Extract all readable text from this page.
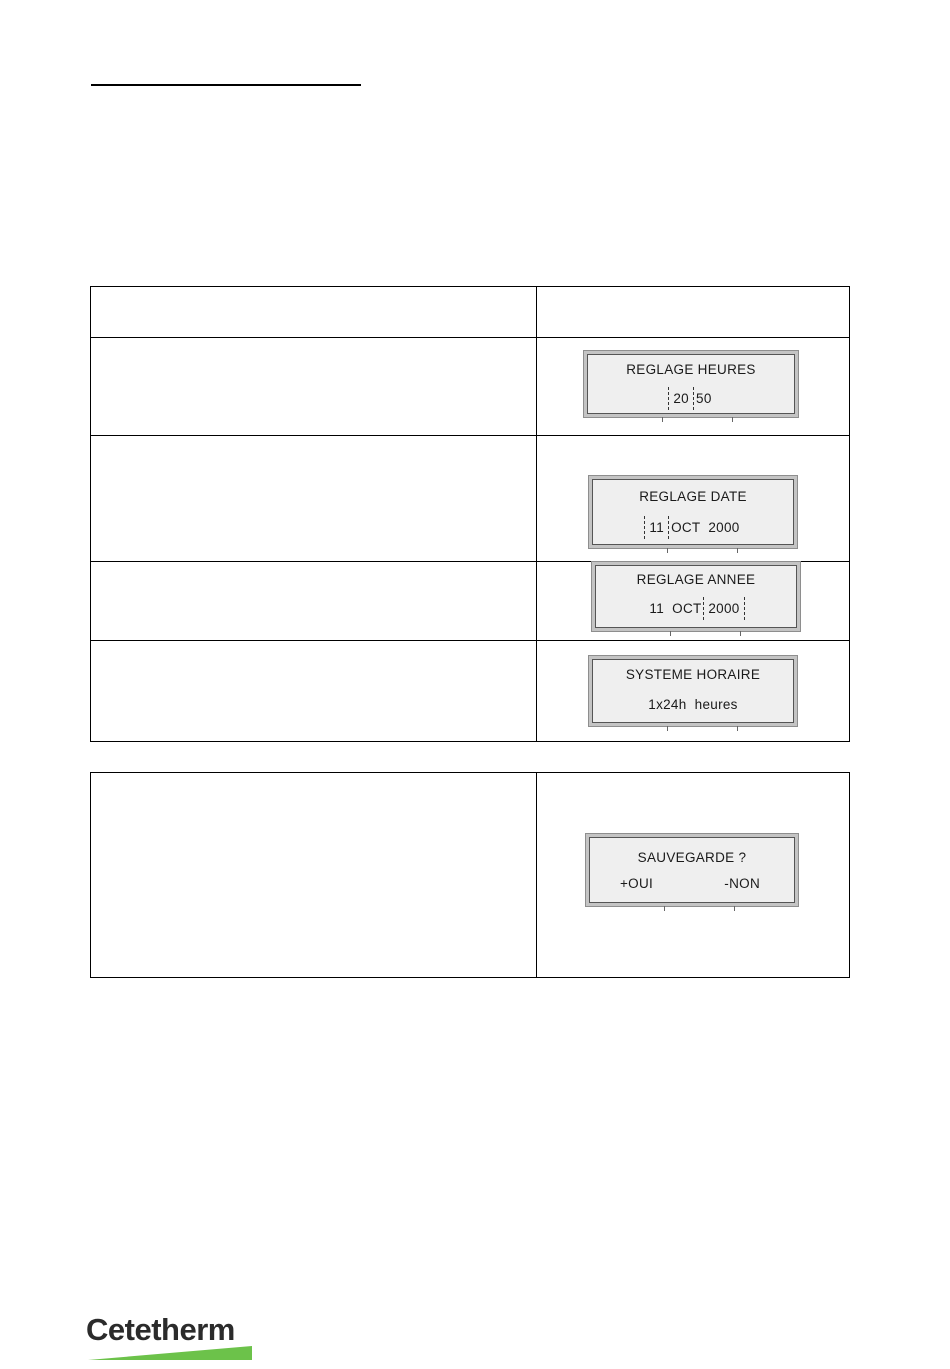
	REGLAGE HEURES
20 50

	REGLAGE DATE
11 OCT  2000

	REGLAGE ANNEE
11  OCT 2000

	SYSTEME HORAIRE
1x24h  heures

SAUVEGARDE ?
+OUI	-NON
Cetetherm
